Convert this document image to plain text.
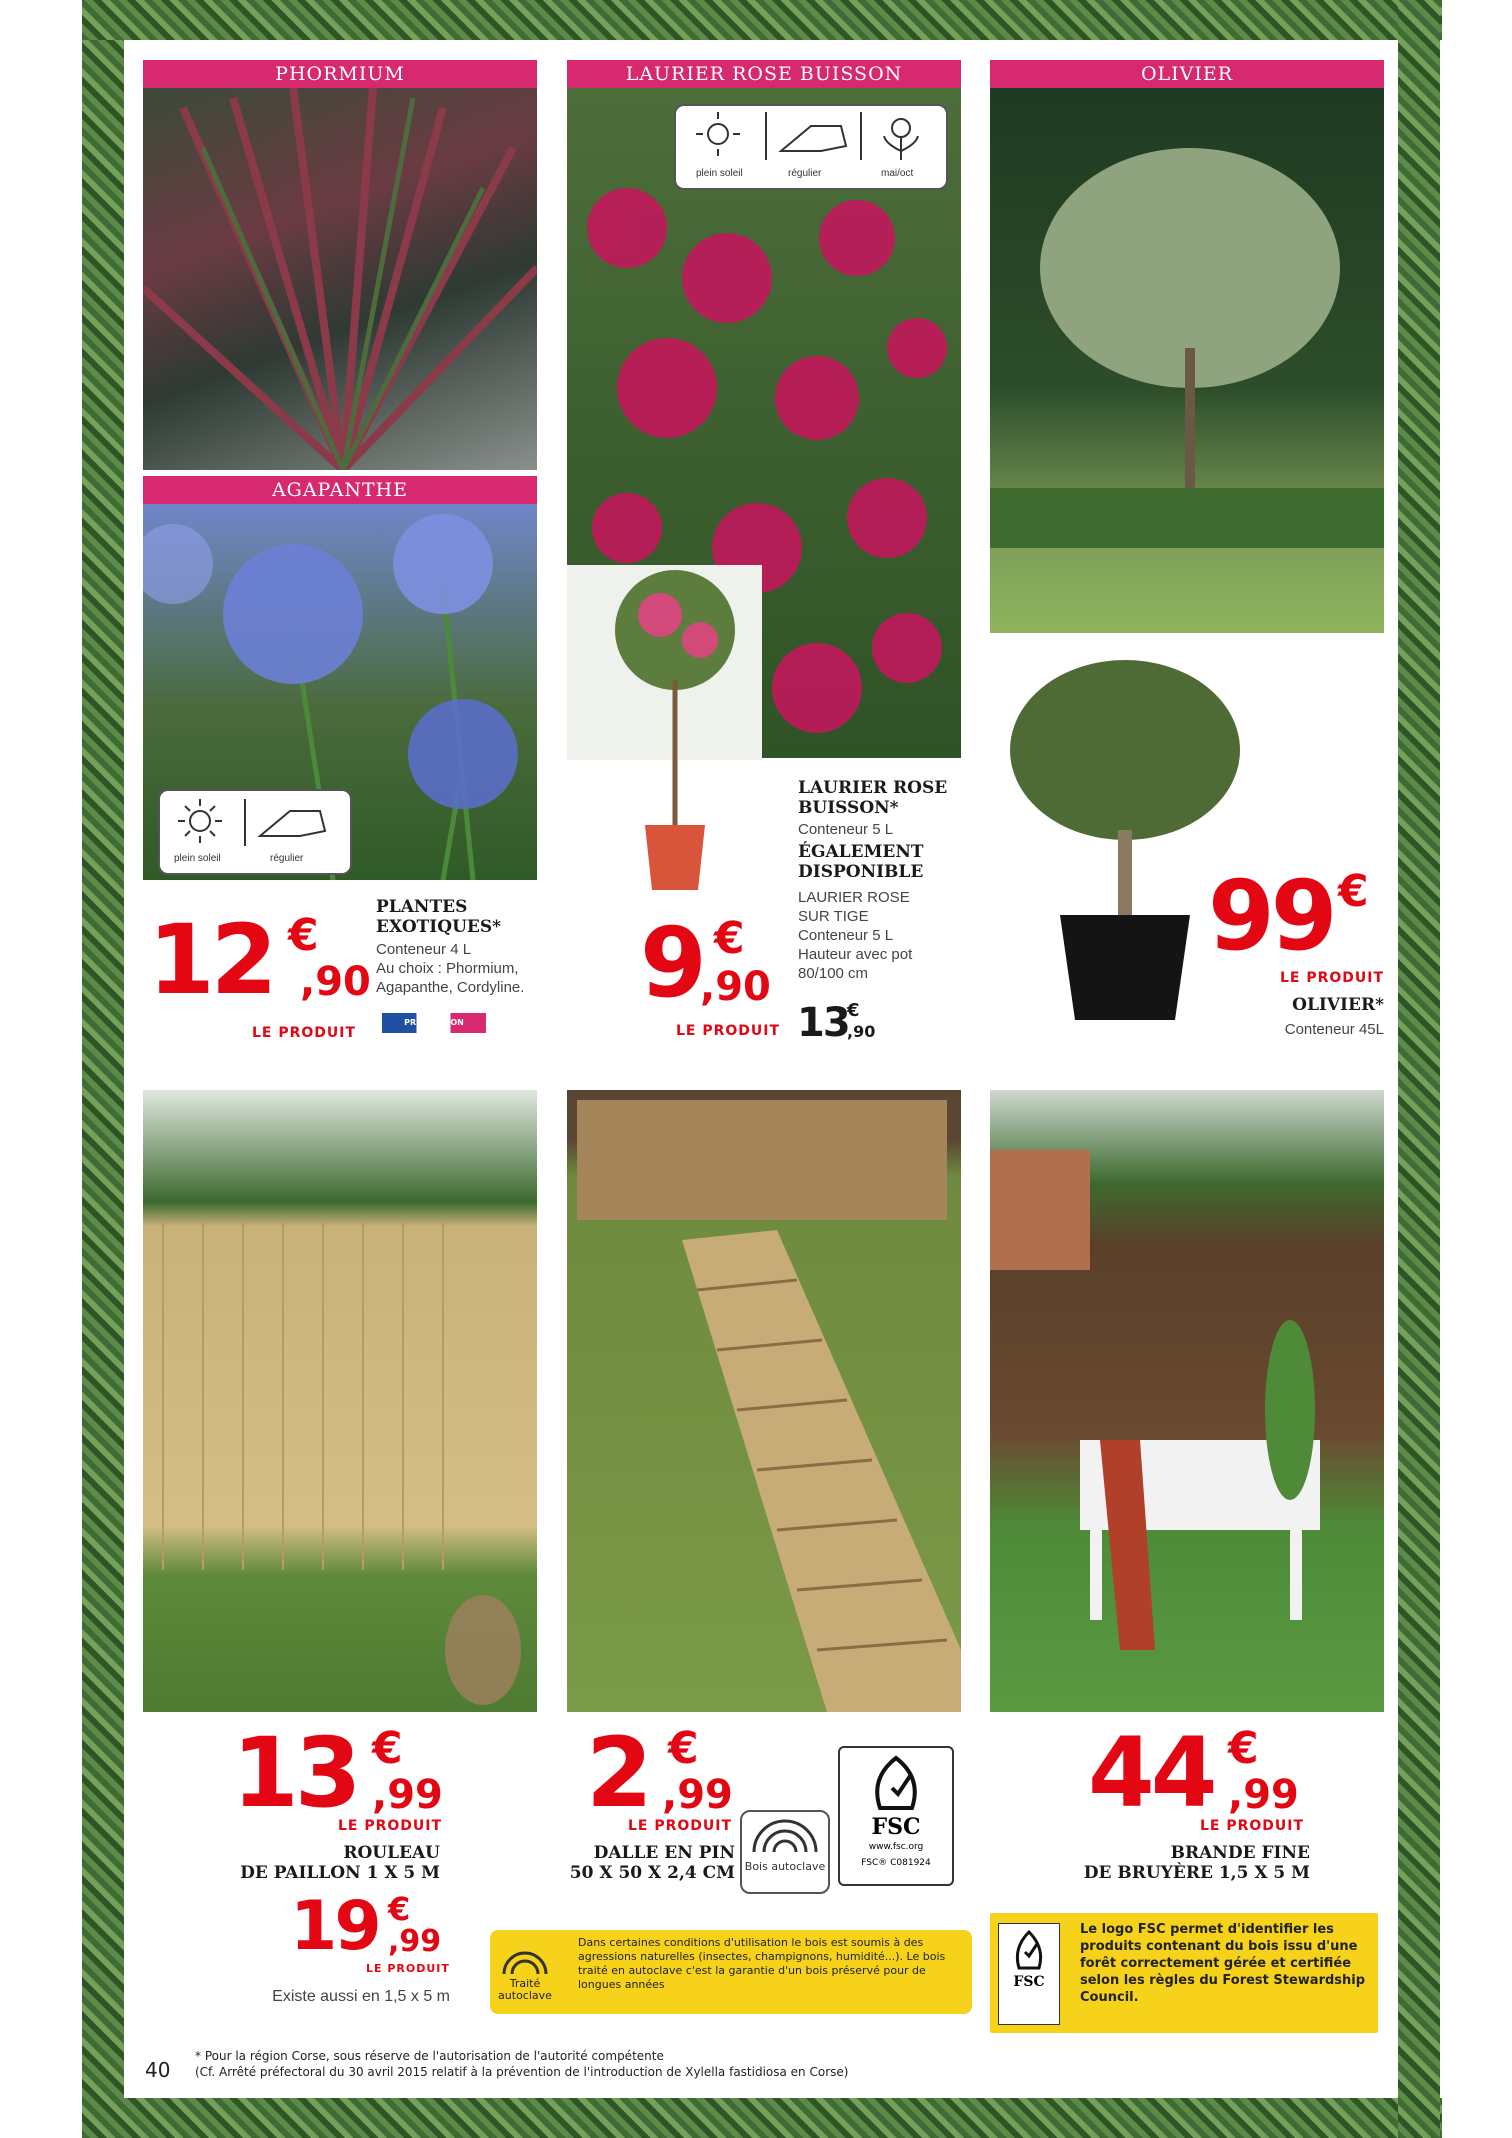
PHORMIUM
AGAPANTHE
plein soleil	régulier
12 €
,90
LE PRODUIT
PLANTES EXOTIQUES*
Conteneur 4 L
Au choix : Phormium,
Agapanthe, Cordyline.
PRODUCTION FRANÇAISE
LAURIER ROSE BUISSON
plein soleil	régulier	mai/oct
LAURIER ROSE BUISSON*
Conteneur 5 L
ÉGALEMENT DISPONIBLE
LAURIER ROSE
SUR TIGE
Conteneur 5 L
Hauteur avec pot
80/100 cm
9 €
,90
LE PRODUIT 13
€
,90
OLIVIER
99 €
LE PRODUIT
OLIVIER*
Conteneur 45L
13 €
,99
LE PRODUIT
ROULEAU
DE PAILLON 1 X 5 M
19 €
,99
LE PRODUIT
Existe aussi en 1,5 x 5 m
2 €
,99
LE PRODUIT
DALLE EN PIN
50 X 50 X 2,4 CM Bois autoclave
FSC
www.fsc.org
FSC® C081924
44 €
,99
LE PRODUIT
BRANDE FINE
DE BRUYÈRE 1,5 X 5 M
Traité autoclave
Dans certaines conditions d'utilisation le bois est soumis à des agressions naturelles (insectes, champignons, humidité...). Le bois traité en autoclave c'est la garantie d'un bois préservé pour de longues années	FSC
Le logo FSC permet d'identifier les produits contenant du bois issu d'une forêt correctement gérée et certifiée selon les règles du Forest Stewardship Council.
40
* Pour la région Corse, sous réserve de l'autorisation de l'autorité compétente
(Cf. Arrêté préfectoral du 30 avril 2015 relatif à la prévention de l'introduction de Xylella fastidiosa en Corse)
